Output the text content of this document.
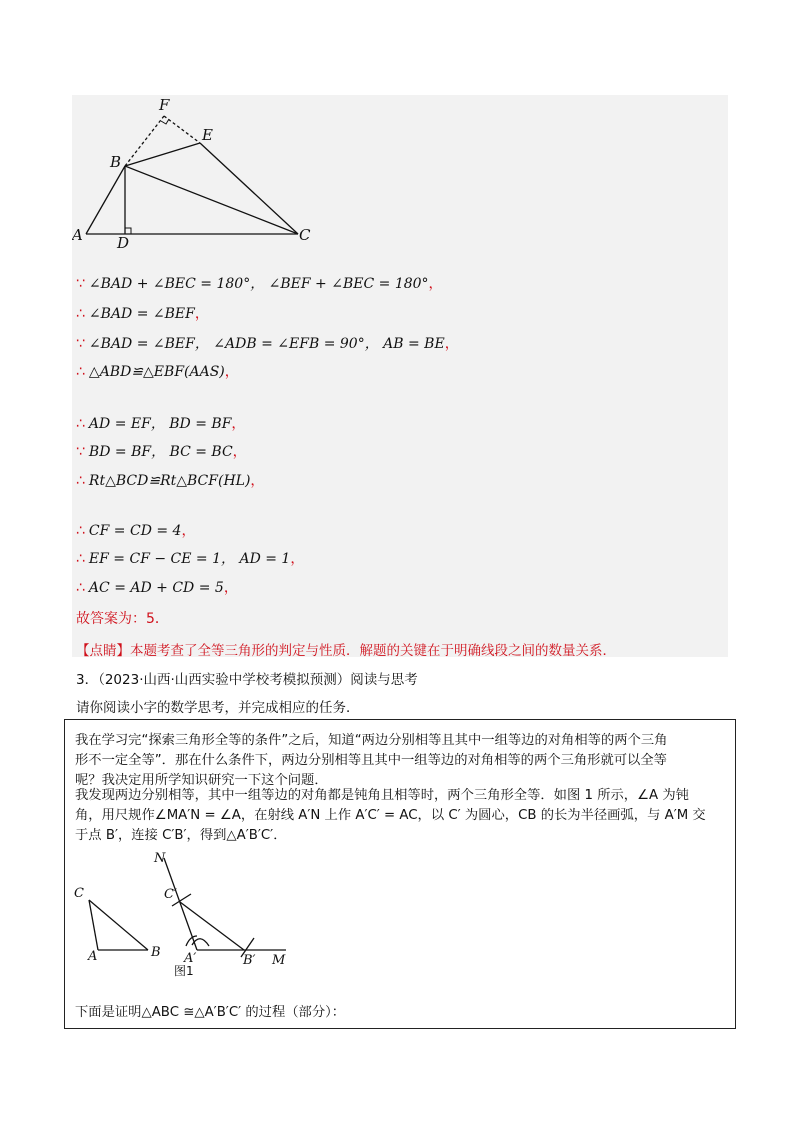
F
E
B
A D	C
∵ ∠BAD + ∠BEC = 180°， ∠BEF + ∠BEC = 180°，
∴ ∠BAD = ∠BEF，
∵ ∠BAD = ∠BEF， ∠ADB = ∠EFB = 90°， AB = BE，
∴ △ABD≌△EBF(AAS)，
∴ AD = EF， BD = BF，
∵ BD = BF， BC = BC，
∴ Rt△BCD≌Rt△BCF(HL)，
∴ CF = CD = 4，
∴ EF = CF − CE = 1， AD = 1，
∴ AC = AD + CD = 5，
故答案为：5．
【点睛】本题考查了全等三角形的判定与性质．解题的关键在于明确线段之间的数量关系．
3．（2023·山西·山西实验中学校考模拟预测）阅读与思考
请你阅读小字的数学思考，并完成相应的任务．
我在学习完“探索三角形全等的条件”之后，知道“两边分别相等且其中一组等边的对角相等的两个三角
形不一定全等”．那在什么条件下，两边分别相等且其中一组等边的对角相等的两个三角形就可以全等
呢？我决定用所学知识研究一下这个问题．
我发现两边分别相等，其中一组等边的对角都是钝角且相等时，两个三角形全等．如图 1 所示，∠A 为钝
角，用尺规作∠MA′N = ∠A，在射线 A′N 上作 A′C′ = AC，以 C′ 为圆心，CB 的长为半径画弧，与 A′M 交
于点 B′，连接 C′B′，得到△A′B′C′．
N
C′
C
A	B A′	B′ M
图1
下面是证明△ABC ≅△A′B′C′ 的过程（部分）：
